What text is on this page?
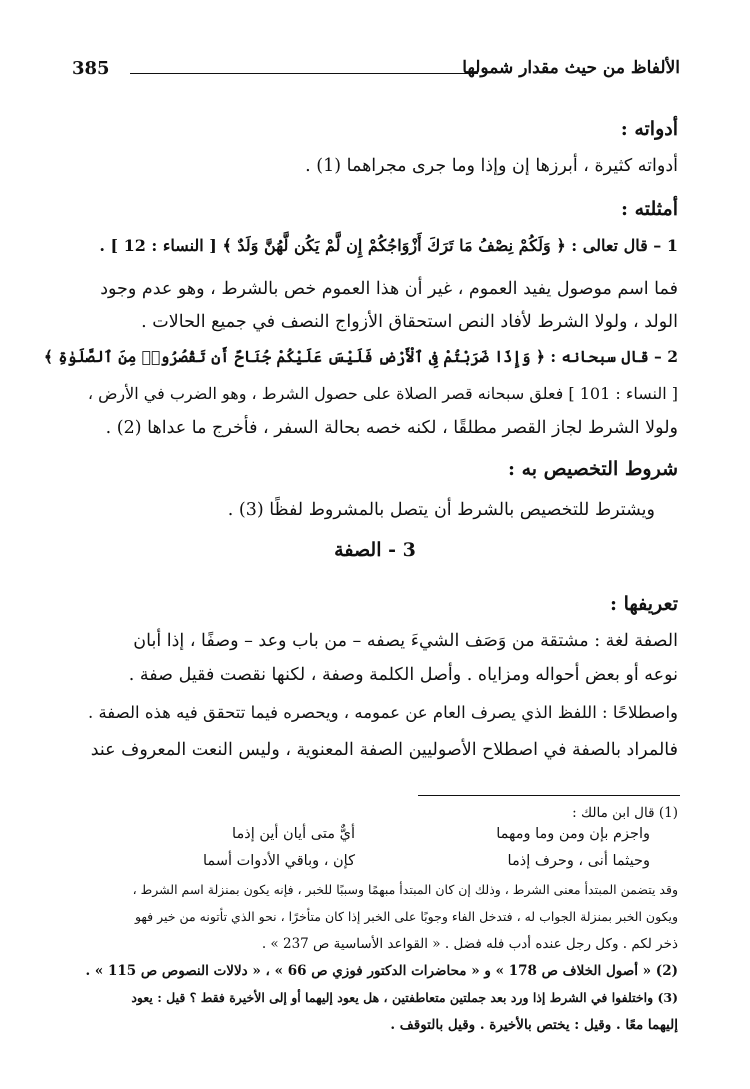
الألفاظ من حيث مقدار شمولها
385
أدواته :
أدواته كثيرة ، أبرزها إن وإذا وما جرى مجراهما (1) .
أمثلته :
1 – قال تعالى : ﴿ وَلَكُمْ نِصْفُ مَا تَرَكَ أَزْوَاجُكُمْ إِن لَّمْ يَكُن لَّهُنَّ وَلَدٌ ﴾ [ النساء : 12 ] .
فما اسم موصول يفيد العموم ، غير أن هذا العموم خص بالشرط ، وهو عدم وجود
الولد ، ولولا الشرط لأفاد النص استحقاق الأزواج النصف في جميع الحالات .
2 – قال سبحانه : ﴿ وَإِذَا ضَرَبْتُمْ فِى ٱلْأَرْضِ فَلَيْسَ عَلَيْكُمْ جُنَاحٌ أَن تَقْصُرُوا۟ مِنَ ٱلصَّلَوٰةِ ﴾
[ النساء : 101 ] فعلق سبحانه قصر الصلاة على حصول الشرط ، وهو الضرب في الأرض ،
ولولا الشرط لجاز القصر مطلقًا ، لكنه خصه بحالة السفر ، فأخرج ما عداها (2) .
شروط التخصيص به :
ويشترط للتخصيص بالشرط أن يتصل بالمشروط لفظًا (3) .
3 - الصفة
تعريفها :
الصفة لغة : مشتقة من وَصَف الشيءَ يصفه – من باب وعد – وصفًا ، إذا أبان
نوعه أو بعض أحواله ومزاياه . وأصل الكلمة وصفة ، لكنها نقصت فقيل صفة .
واصطلاحًا : اللفظ الذي يصرف العام عن عمومه ، ويحصره فيما تتحقق فيه هذه الصفة .
فالمراد بالصفة في اصطلاح الأصوليين الصفة المعنوية ، وليس النعت المعروف عند
(1) قال ابن مالك :
واجزم بإن ومن وما ومهما
أيٌّ متى أيان أين إذما
وحيثما أنى ، وحرف إذما
كإن ، وباقي الأدوات أسما
وقد يتضمن المبتدأ معنى الشرط ، وذلك إن كان المبتدأ مبهمًا وسببًا للخبر ، فإنه يكون بمنزلة اسم الشرط ،
ويكون الخبر بمنزلة الجواب له ، فتدخل الفاء وجوبًا على الخبر إذا كان متأخرًا ، نحو الذي تأتونه من خير فهو
ذخر لكم . وكل رجل عنده أدب فله فضل . « القواعد الأساسية ص 237 » .
(2) « أصول الخلاف ص 178 » و « محاضرات الدكتور فوزي ص 66 » ، « دلالات النصوص ص 115 » .
(3) واختلفوا في الشرط إذا ورد بعد جملتين متعاطفتين ، هل يعود إليهما أو إلى الأخيرة فقط ؟ قيل : يعود
إليهما معًا . وقيل : يختص بالأخيرة . وقيل بالتوقف .
